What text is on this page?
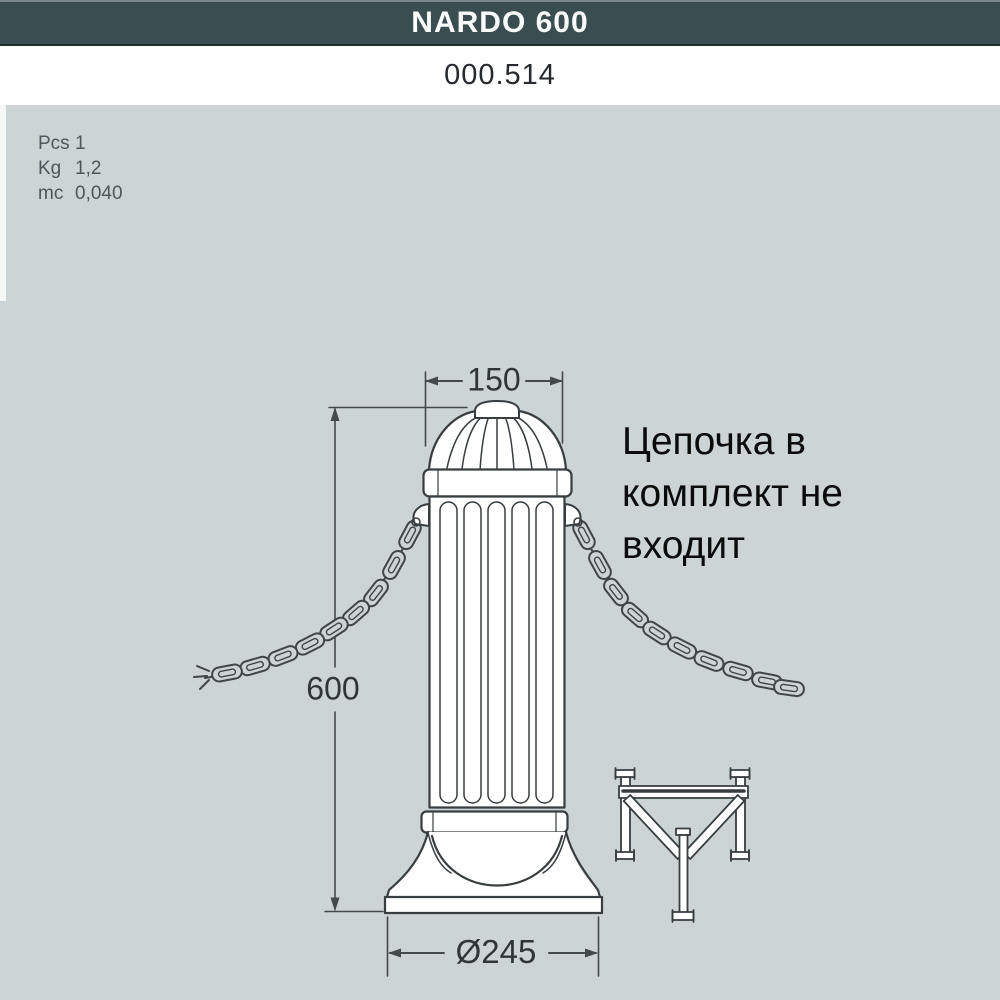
NARDO 600
000.514
Pcs 1
Kg 1,2
mc 0,040
150
600
Ø245
Цепочка в
комплект не
входит
